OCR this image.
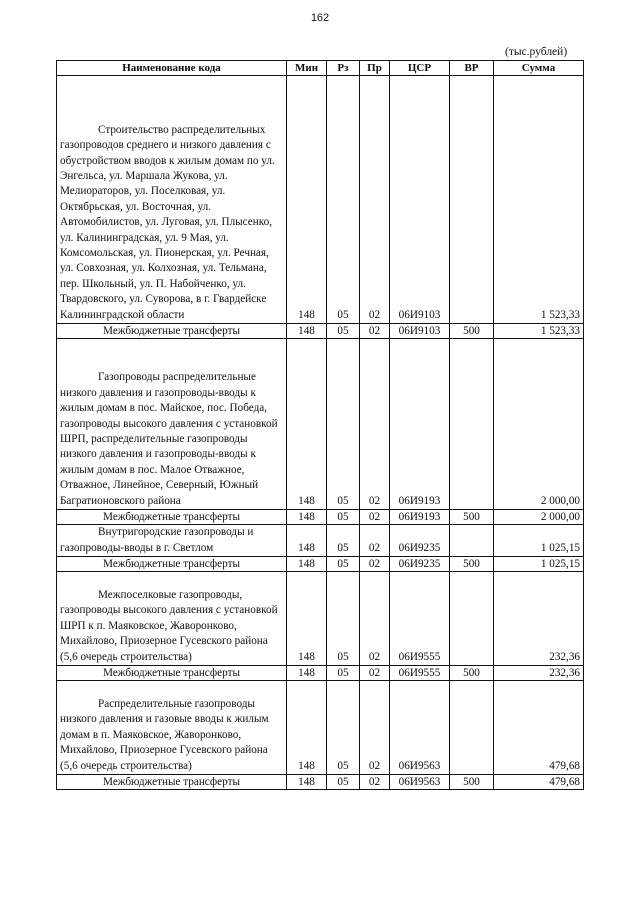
162
(тыс.рублей)
Наименование кода	Мин	Рз	Пр	ЦСР	ВР	Сумма
Строительство распределительных газопроводов среднего и низкого давления с обустройством вводов к жилым домам по ул. Энгельса, ул. Маршала Жукова, ул. Мелиораторов, ул. Поселковая, ул. Октябрьская, ул. Восточная, ул. Автомобилистов, ул. Луговая, ул. Плысенко, ул. Калининградская, ул. 9 Мая, ул. Комсомольская, ул. Пионерская, ул. Речная, ул. Совхозная, ул. Колхозная, ул. Тельмана, пер. Школьный, ул. П. Набойченко, ул. Твардовского, ул. Суворова, в г. Гвардейске Калининградской области	148	05	02	06И9103		1 523,33
Межбюджетные трансферты	148	05	02	06И9103	500	1 523,33
Газопроводы распределительные низкого давления и газопроводы-вводы к жилым домам в пос. Майское, пос. Победа, газопроводы высокого давления с установкой ШРП, распределительные газопроводы низкого давления и газопроводы-вводы к жилым домам в пос. Малое Отважное, Отважное, Линейное, Северный, Южный Багратионовского района	148	05	02	06И9193		2 000,00
Межбюджетные трансферты	148	05	02	06И9193	500	2 000,00
Внутригородские газопроводы и газопроводы-вводы в г. Светлом	148	05	02	06И9235		1 025,15
Межбюджетные трансферты	148	05	02	06И9235	500	1 025,15
Межпоселковые газопроводы, газопроводы высокого давления с установкой ШРП к п. Маяковское, Жаворонково, Михайлово, Приозерное Гусевского района (5,6 очередь строительства)	148	05	02	06И9555		232,36
Межбюджетные трансферты	148	05	02	06И9555	500	232,36
Распределительные газопроводы низкого давления и газовые вводы к жилым домам в п. Маяковское, Жаворонково, Михайлово, Приозерное Гусевского района (5,6 очередь строительства)	148	05	02	06И9563		479,68
Межбюджетные трансферты	148	05	02	06И9563	500	479,68
